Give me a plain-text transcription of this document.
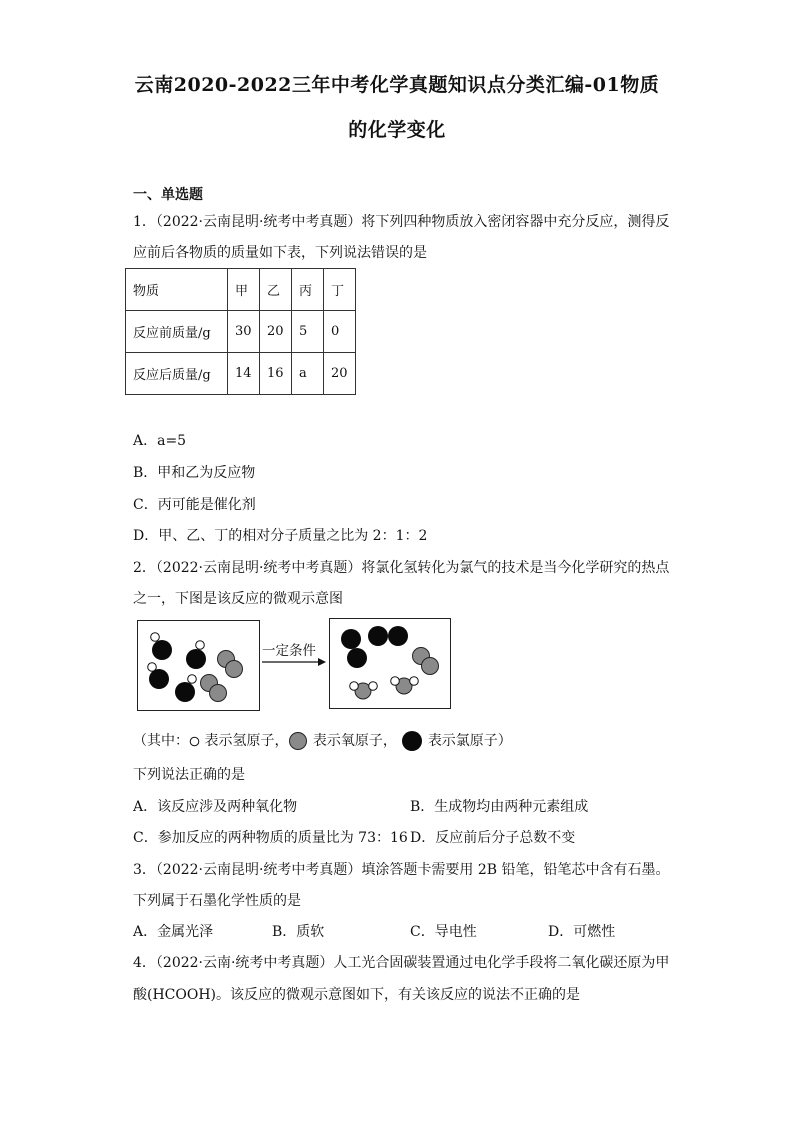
云南2020-2022三年中考化学真题知识点分类汇编-01物质
的化学变化
一、单选题
1．（2022·云南昆明·统考中考真题）将下列四种物质放入密闭容器中充分反应，测得反
应前后各物质的质量如下表，下列说法错误的是
物质	甲	乙	丙	丁
反应前质量/g	30	20	5	0
反应后质量/g	14	16	a	20
A．a=5
B．甲和乙为反应物
C．丙可能是催化剂
D．甲、乙、丁的相对分子质量之比为 2：1：2
2．（2022·云南昆明·统考中考真题）将氯化氢转化为氯气的技术是当今化学研究的热点
之一，下图是该反应的微观示意图
一定条件
（其中： 表示氢原子， 表示氧原子， 表示氯原子）
下列说法正确的是
A．该反应涉及两种氧化物	B．生成物均由两种元素组成
C．参加反应的两种物质的质量比为 73：16 D．反应前后分子总数不变
3．（2022·云南昆明·统考中考真题）填涂答题卡需要用 2B 铅笔，铅笔芯中含有石墨。
下列属于石墨化学性质的是
A．金属光泽	B．质软	C．导电性	D．可燃性
4．（2022·云南·统考中考真题）人工光合固碳装置通过电化学手段将二氧化碳还原为甲
酸(HCOOH)。该反应的微观示意图如下，有关该反应的说法不正确的是
